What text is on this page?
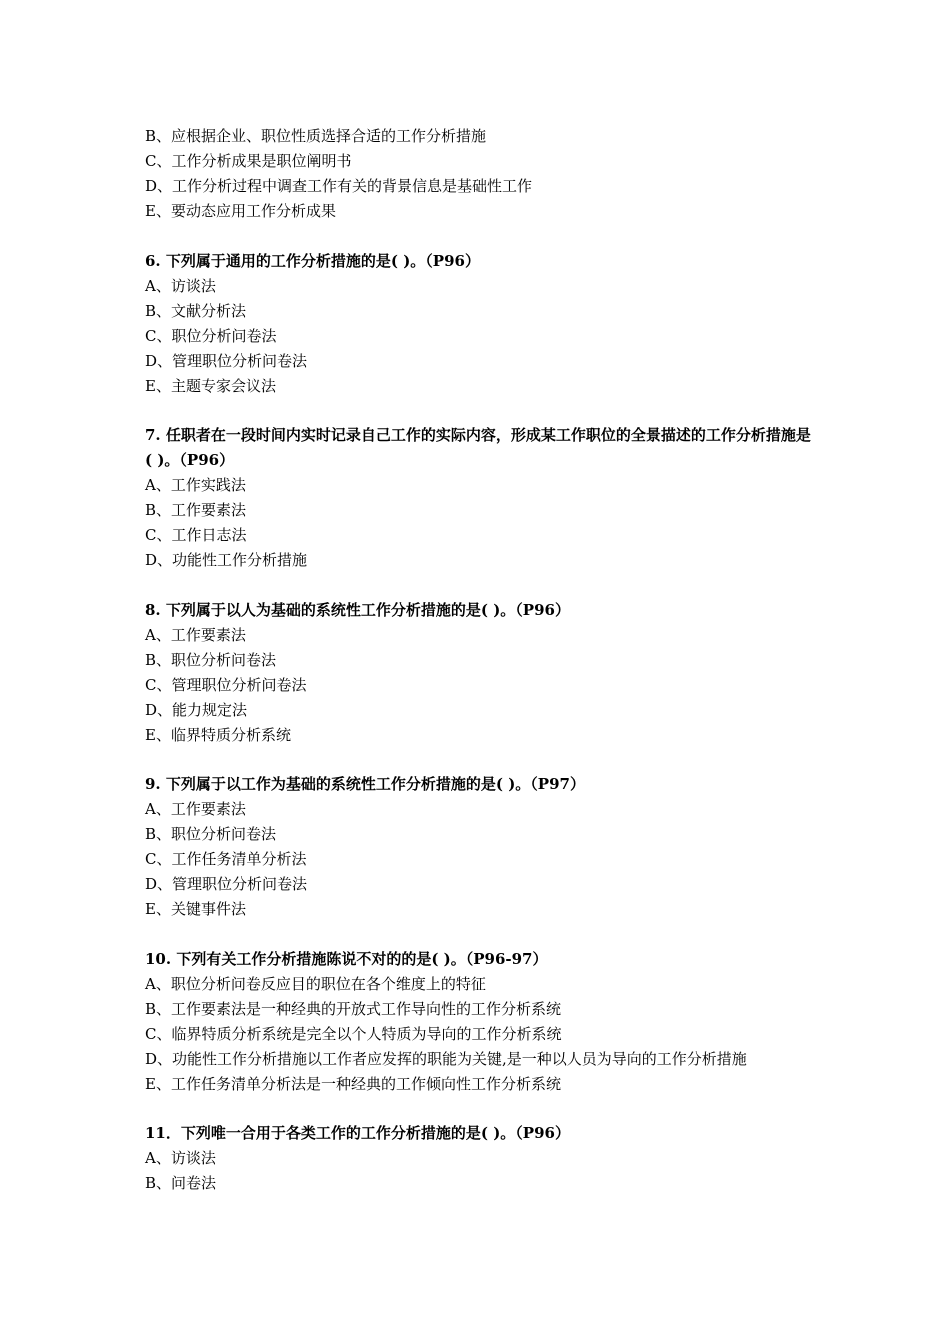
B、应根据企业、职位性质选择合适的工作分析措施
C、工作分析成果是职位阐明书
D、工作分析过程中调查工作有关的背景信息是基础性工作
E、要动态应用工作分析成果
6. 下列属于通用的工作分析措施的是( )。（P96）
A、访谈法
B、文献分析法
C、职位分析问卷法
D、管理职位分析问卷法
E、主题专家会议法
7. 任职者在一段时间内实时记录自己工作的实际内容，形成某工作职位的全景描述的工作分析措施是( )。（P96）
A、工作实践法
B、工作要素法
C、工作日志法
D、功能性工作分析措施
8. 下列属于以人为基础的系统性工作分析措施的是( )。（P96）
A、工作要素法
B、职位分析问卷法
C、管理职位分析问卷法
D、能力规定法
E、临界特质分析系统
9. 下列属于以工作为基础的系统性工作分析措施的是( )。（P97）
A、工作要素法
B、职位分析问卷法
C、工作任务清单分析法
D、管理职位分析问卷法
E、关键事件法
10. 下列有关工作分析措施陈说不对的的是( )。（P96-97）
A、职位分析问卷反应目的职位在各个维度上的特征
B、工作要素法是一种经典的开放式工作导向性的工作分析系统
C、临界特质分析系统是完全以个人特质为导向的工作分析系统
D、功能性工作分析措施以工作者应发挥的职能为关键,是一种以人员为导向的工作分析措施
E、工作任务清单分析法是一种经典的工作倾向性工作分析系统
11．下列唯一合用于各类工作的工作分析措施的是( )。（P96）
A、访谈法
B、问卷法
